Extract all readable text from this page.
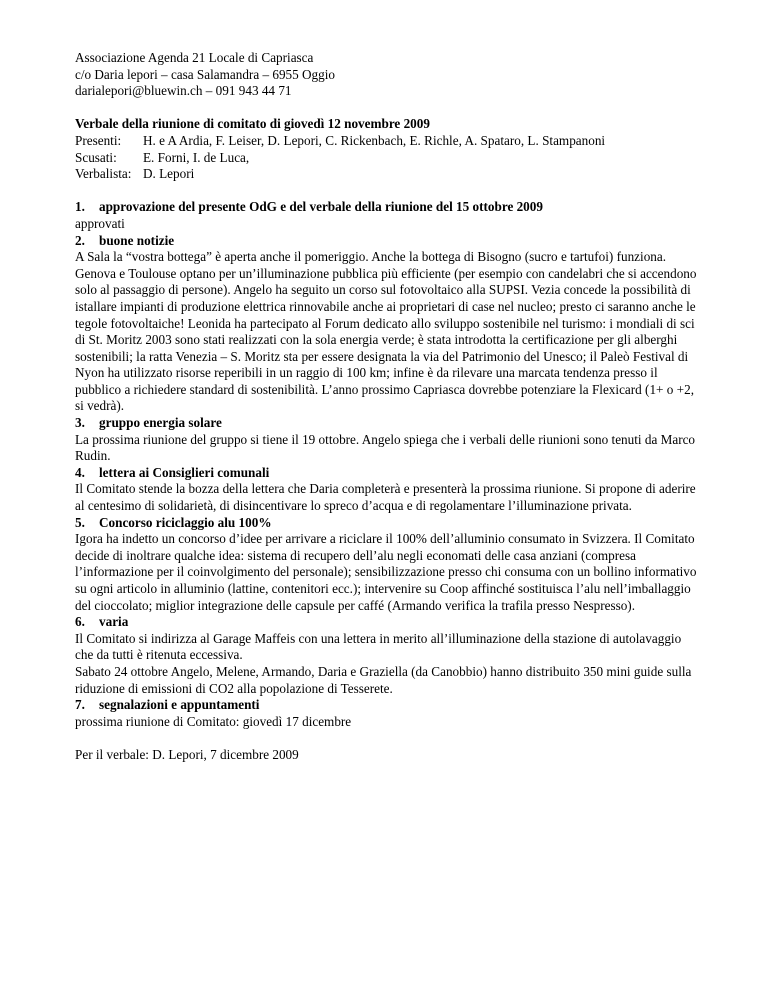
Associazione Agenda 21 Locale di Capriasca
c/o Daria lepori – casa Salamandra – 6955 Oggio
darialepori@bluewin.ch – 091 943 44 71
Verbale della riunione di comitato di giovedì 12 novembre 2009
Presenti:	H. e A Ardia, F. Leiser, D. Lepori, C. Rickenbach, E. Richle, A. Spataro, L. Stampanoni
Scusati:	E. Forni, I. de Luca,
Verbalista: D. Lepori
1. approvazione del presente OdG e del verbale della riunione del 15 ottobre 2009

approvati

2. buone notizie

A Sala la “vostra bottega” è aperta anche il pomeriggio. Anche la bottega di Bisogno (sucro e tartufoi) funziona. Genova e Toulouse optano per un’illuminazione pubblica più efficiente (per esempio con candelabri che si accendono solo al passaggio di persone). Angelo ha seguito un corso sul fotovoltaico alla SUPSI. Vezia concede la possibilità di istallare impianti di produzione elettrica rinnovabile anche ai proprietari di case nel nucleo; presto ci saranno anche le tegole fotovoltaiche! Leonida ha partecipato al Forum dedicato allo sviluppo sostenibile nel turismo: i mondiali di sci di St. Moritz 2003 sono stati realizzati con la sola energia verde; è stata introdotta la certificazione per gli alberghi sostenibili; la ratta Venezia – S. Moritz sta per essere designata la via del Patrimonio del Unesco; il Paleò Festival di Nyon ha utilizzato risorse reperibili in un raggio di 100 km; infine è da rilevare una marcata tendenza presso il pubblico a richiedere standard di sostenibilità. L’anno prossimo Capriasca dovrebbe potenziare la Flexicard (1+ o +2, si vedrà).

3. gruppo energia solare

La prossima riunione del gruppo si tiene il 19 ottobre. Angelo spiega che i verbali delle riunioni sono tenuti da Marco Rudin.

4. lettera ai Consiglieri comunali

Il Comitato stende la bozza della lettera che Daria completerà e presenterà la prossima riunione. Si propone di aderire al centesimo di solidarietà, di disincentivare lo spreco d’acqua e di regolamentare l’illuminazione privata.

5. Concorso riciclaggio alu 100%

Igora ha indetto un concorso d’idee per arrivare a riciclare il 100% dell’alluminio consumato in Svizzera. Il Comitato decide di inoltrare qualche idea: sistema di recupero dell’alu negli economati delle casa anziani (compresa l’informazione per il coinvolgimento del personale); sensibilizzazione presso chi consuma con un bollino informativo su ogni articolo in alluminio (lattine, contenitori ecc.); intervenire su Coop affinché sostituisca l’alu nell’imballaggio del cioccolato; miglior integrazione delle capsule per caffé (Armando verifica la trafila presso Nespresso).

6. varia

Il Comitato si indirizza al Garage Maffeis con una lettera in merito all’illuminazione della stazione di autolavaggio che da tutti è ritenuta eccessiva.

Sabato 24 ottobre Angelo, Melene, Armando, Daria e Graziella (da Canobbio) hanno distribuito 350 mini guide sulla riduzione di emissioni di CO2 alla popolazione di Tesserete.

7. segnalazioni e appuntamenti

prossima riunione di Comitato: giovedì 17 dicembre

Per il verbale: D. Lepori, 7 dicembre 2009
